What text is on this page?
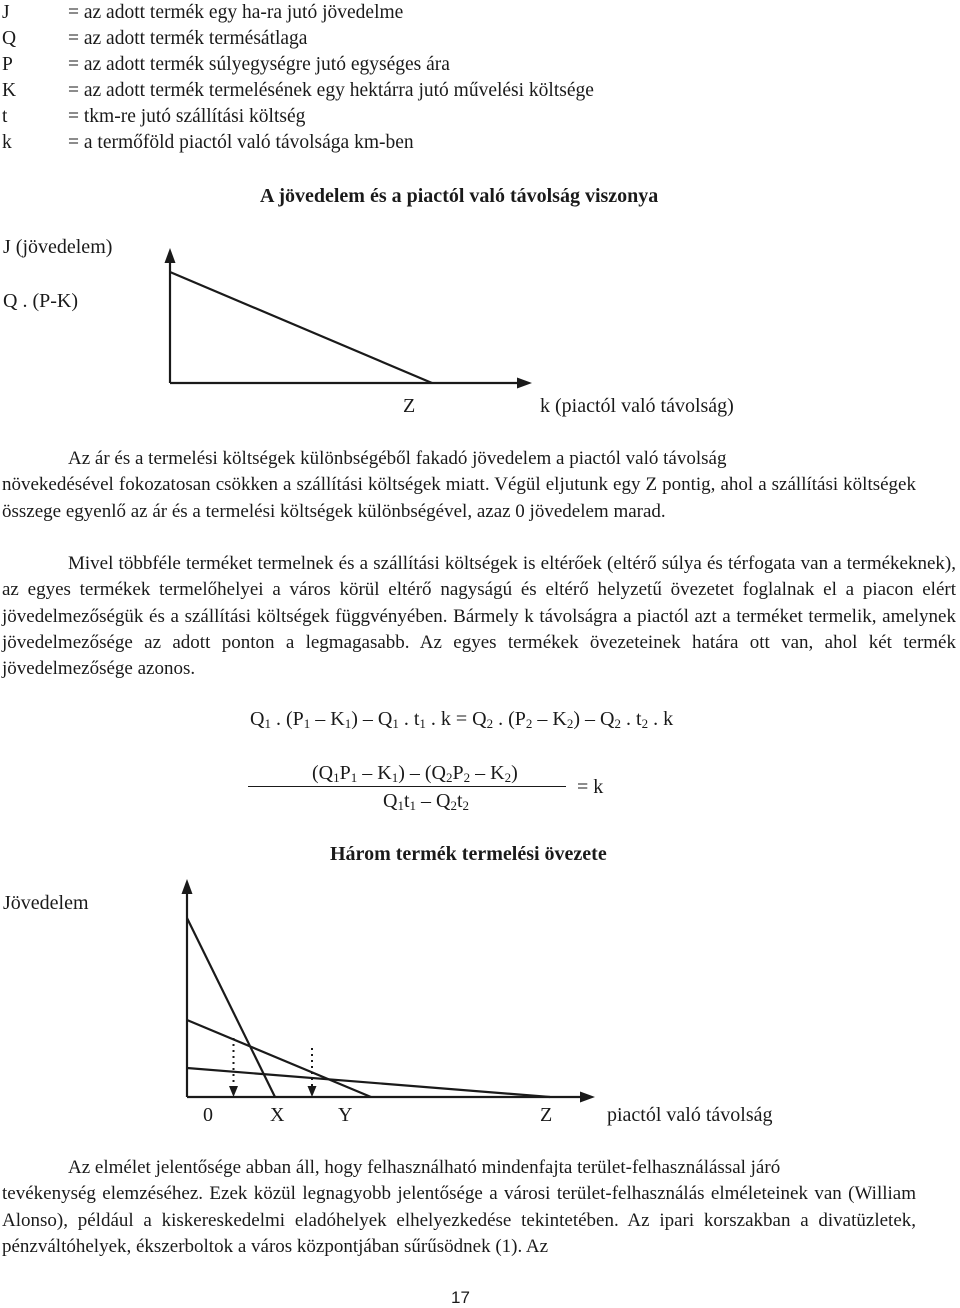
J	= az adott termék egy ha-ra jutó jövedelme
Q	= az adott termék termésátlaga
P	= az adott termék súlyegységre jutó egységes ára
K	= az adott termék termelésének egy hektárra jutó művelési költsége
t	= tkm-re jutó szállítási költség
k	= a termőföld piactól való távolsága km-ben
A jövedelem és a piactól való távolság viszonya
J (jövedelem)
Q . (P-K)
Z	k (piactól való távolság)

Az ár és a termelési költségek különbségéből fakadó jövedelem a piactól való távolság

növekedésével fokozatosan csökken a szállítási költségek miatt. Végül eljutunk egy Z pontig, ahol a szállítási költségek összege egyenlő az ár és a termelési költségek különbségével, azaz 0 jövedelem marad.

Mivel többféle terméket termelnek és a szállítási költségek is eltérőek (eltérő súlya és térfogata van a termékeknek), az egyes termékek termelőhelyei a város körül eltérő nagyságú és eltérő helyzetű övezetet foglalnak el a piacon elért jövedelmezőségük és a szállítási költségek függvényében. Bármely k távolságra a piactól azt a terméket termelik, amelynek jövedelmezősége az adott ponton a legmagasabb. Az egyes termékek övezeteinek határa ott van, ahol két termék jövedelmezősége azonos.

$Q_1$ . $(P_1 - K_1) - Q_1$ . $t_1$ . $k = Q_2$ . $(P_2 - K_2) - Q_2$ . $t_2$ . k
$(Q_1P_1 - K_1) - (Q_2P_2 - K_2)$
$Q_1t_1 - Q_2t_2$
= k
Három termék termelési övezete
Jövedelem
0	X	Y	Z	piactól való távolság

Az elmélet jelentősége abban áll, hogy felhasználható mindenfajta terület-felhasználással járó

tevékenység elemzéséhez. Ezek közül legnagyobb jelentősége a városi terület-felhasználás elméleteinek van (William Alonso), például a kiskereskedelmi eladóhelyek elhelyezkedése tekintetében. Az ipari korszakban a divatüzletek, pénzváltóhelyek, ékszerboltok a város központjában sűrűsödnek (1). Az

17
